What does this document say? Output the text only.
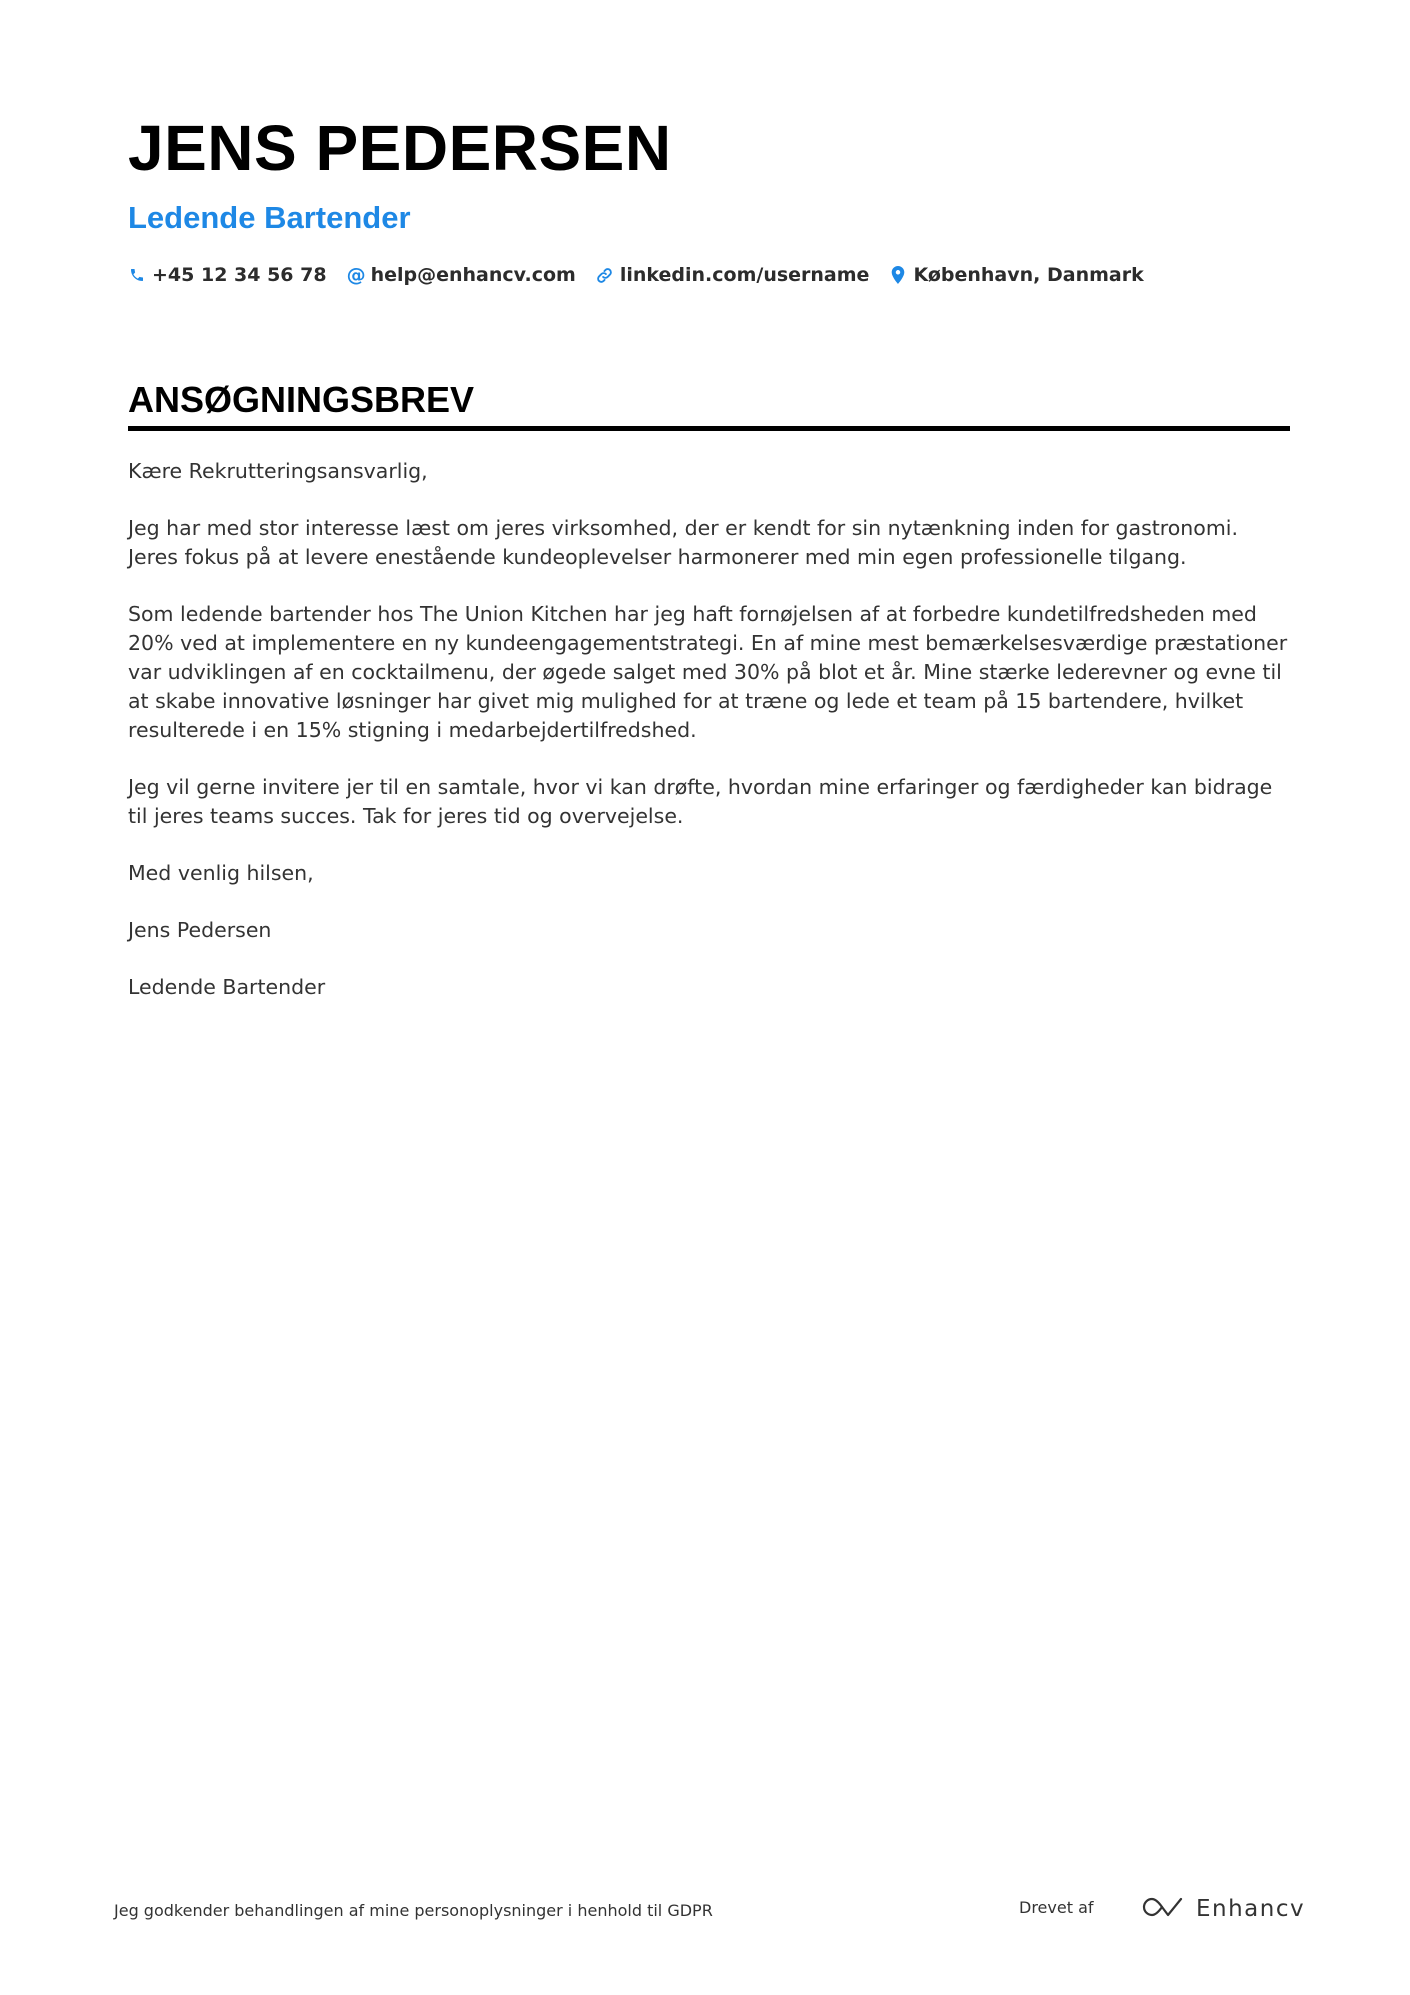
JENS PEDERSEN
Ledende Bartender
+45 12 34 56 78 @ help@enhancv.com linkedin.com/username København, Danmark
ANSØGNINGSBREV

Kære Rekrutteringsansvarlig,

Jeg har med stor interesse læst om jeres virksomhed, der er kendt for sin nytænkning inden for gastronomi. Jeres fokus på at levere enestående kundeoplevelser harmonerer med min egen professionelle tilgang.

Som ledende bartender hos The Union Kitchen har jeg haft fornøjelsen af at forbedre kundetilfredsheden med 20% ved at implementere en ny kundeengagementstrategi. En af mine mest bemærkelsesværdige præstationer var udviklingen af en cocktailmenu, der øgede salget med 30% på blot et år. Mine stærke lederevner og evne til at skabe innovative løsninger har givet mig mulighed for at træne og lede et team på 15 bartendere, hvilket resulterede i en 15% stigning i medarbejdertilfredshed.

Jeg vil gerne invitere jer til en samtale, hvor vi kan drøfte, hvordan mine erfaringer og færdigheder kan bidrage til jeres teams succes. Tak for jeres tid og overvejelse.

Med venlig hilsen,

Jens Pedersen

Ledende Bartender

Jeg godkender behandlingen af mine personoplysninger i henhold til GDPR	Drevet af	Enhancv
